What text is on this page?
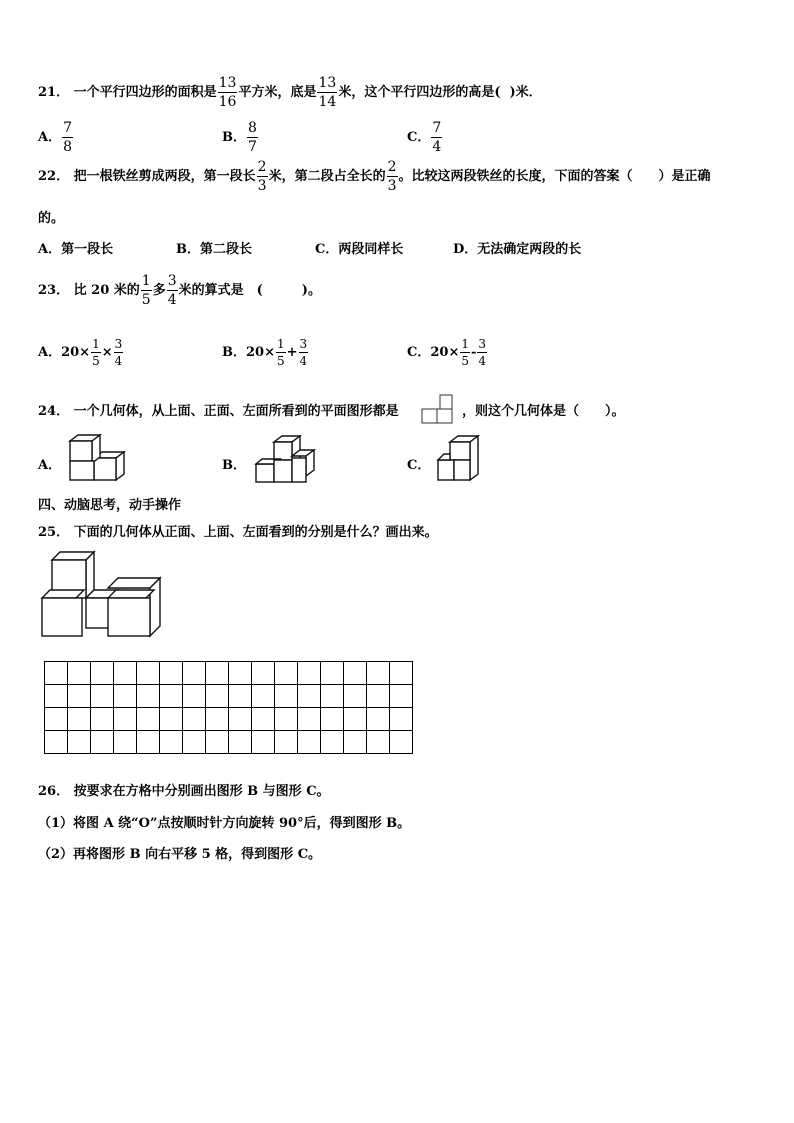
21． 一个平行四边形的面积是 $\frac{13}{16}$ 平方米，底是 $\frac{13}{14}$ 米，这个平行四边形的高是( )米．
A． $\frac{7}{8}$	B． $\frac{8}{7}$	C． $\frac{7}{4}$
22． 把一根铁丝剪成两段，第一段长 $\frac{2}{3}$ 米，第二段占全长的 $\frac{2}{3}$ 。比较这两段铁丝的长度，下面的答案（　　）是正确
的。
A．第一段长	B．第二段长	C．两段同样长	D．无法确定两段的长
23． 比 20 米的 $\frac{1}{5}$ 多 $\frac{3}{4}$ 米的算式是　(　　　)。
A．$20\times \frac{1}{5} \times \frac{3}{4}$	B．$20\times \frac{1}{5} + \frac{3}{4}$	C．$20\times \frac{1}{5} - \frac{3}{4}$
24． 一个几何体，从上面、正面、左面所看到的平面图形都是	，则这个几何体是（　　）。
A．	B．	C．
四、动脑思考，动手操作
25． 下面的几何体从正面、上面、左面看到的分别是什么？画出来。

26． 按要求在方格中分别画出图形 B 与图形 C。
（1）将图 A 绕“O”点按顺时针方向旋转 90°后，得到图形 B。
（2）再将图形 B 向右平移 5 格，得到图形 C。
